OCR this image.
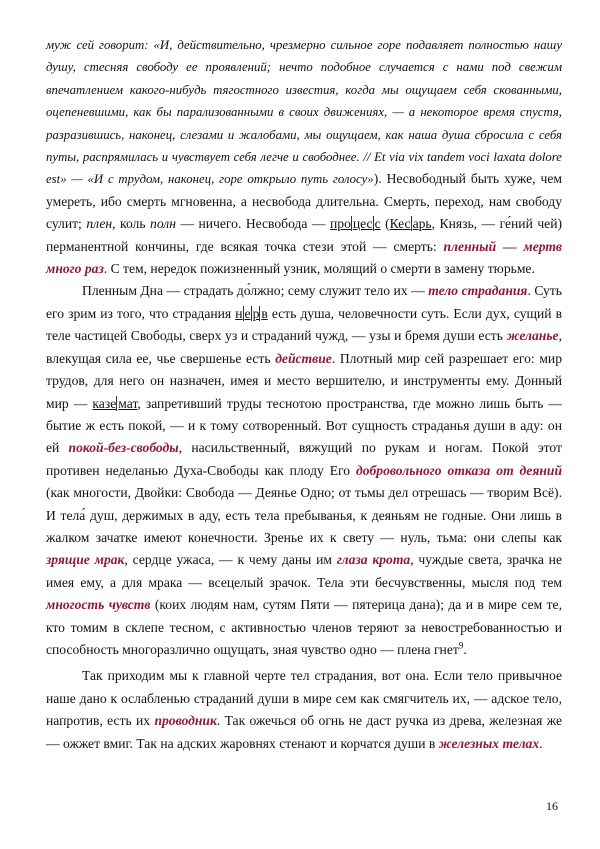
муж сей говорит: «И, действительно, чрезмерно сильное горе подавляет полностью нашу душу, стесняя свободу ее проявлений; нечто подобное случается с нами под свежим впечатлением какого-нибудь тягостного известия, когда мы ощущаем себя скованными, оцепеневшими, как бы парализованными в своих движениях, — а некоторое время спустя, разразившись, наконец, слезами и жалобами, мы ощущаем, как наша душа сбросила с себя путы, распрямилась и чувствует себя легче и свободнее. // Et via vix tandem voci laxata dolore est» — «И с трудом, наконец, горе открыло путь голосу»). Несвободный быть хуже, чем умереть, ибо смерть мгновенна, а несвобода длительна. Смерть, переход, нам свободу сулит; плен, коль полн — ничего. Несвобода — про цес с (Кес арь, Князь, — ге́ний чей) перманентной кончины, где всякая точка стези этой — смерть: пленный — мертв много раз. С тем, нередок пожизненный узник, молящий о смерти в замену тюрьме.

Пленным Дна — страдать до́лжно; сему служит тело их — тело страдания. Суть его зрим из того, что страдания н е р в есть душа, человечности суть. Если дух, сущий в теле частицей Свободы, сверх уз и страданий чужд, — узы и бремя души есть желанье, влекущая сила ее, чье свершенье есть действие. Плотный мир сей разрешает его: мир трудов, для него он назначен, имея и место вершителю, и инструменты ему. Донный мир — казе мат, запретивший труды теснотою пространства, где можно лишь быть — бытие ж есть покой, — и к тому сотворенный. Вот сущность страданья души в аду: он ей покой-без-свободы, насильственный, вяжущий по рукам и ногам. Покой этот противен неделанью Духа-Свободы как плоду Его добровольного отказа от деяний (как многости, Двойки: Свобода — Деянье Одно; от тьмы дел отрешась — творим Всё). И тела́ душ, держимых в аду, есть тела пребыванья, к деяньям не годные. Они лишь в жалком зачатке имеют конечности. Зренье их к свету — нуль, тьма: они слепы как зрящие мрак, сердце ужаса, — к чему даны им глаза крота, чуждые света, зрачка не имея ему, а для мрака — всецелый зрачок. Тела эти бесчувственны, мысля под тем многость чувств (коих людям нам, сутям Пяти — пятерица дана); да и в мире сем те, кто томим в склепе тесном, с активностью членов теряют за невостребованностью и способность многоразлично ощущать, зная чувство одно — плена гнет$^9$.

Так приходим мы к главной черте тел страдания, вот она. Если тело привычное наше дано к ослабленью страданий души в мире сем как смягчитель их, — адское тело, напротив, есть их проводник. Так ожечься об огнь не даст ручка из древа, железная же — ожжет вмиг. Так на адских жаровнях стенают и корчатся души в железных телах.

16
